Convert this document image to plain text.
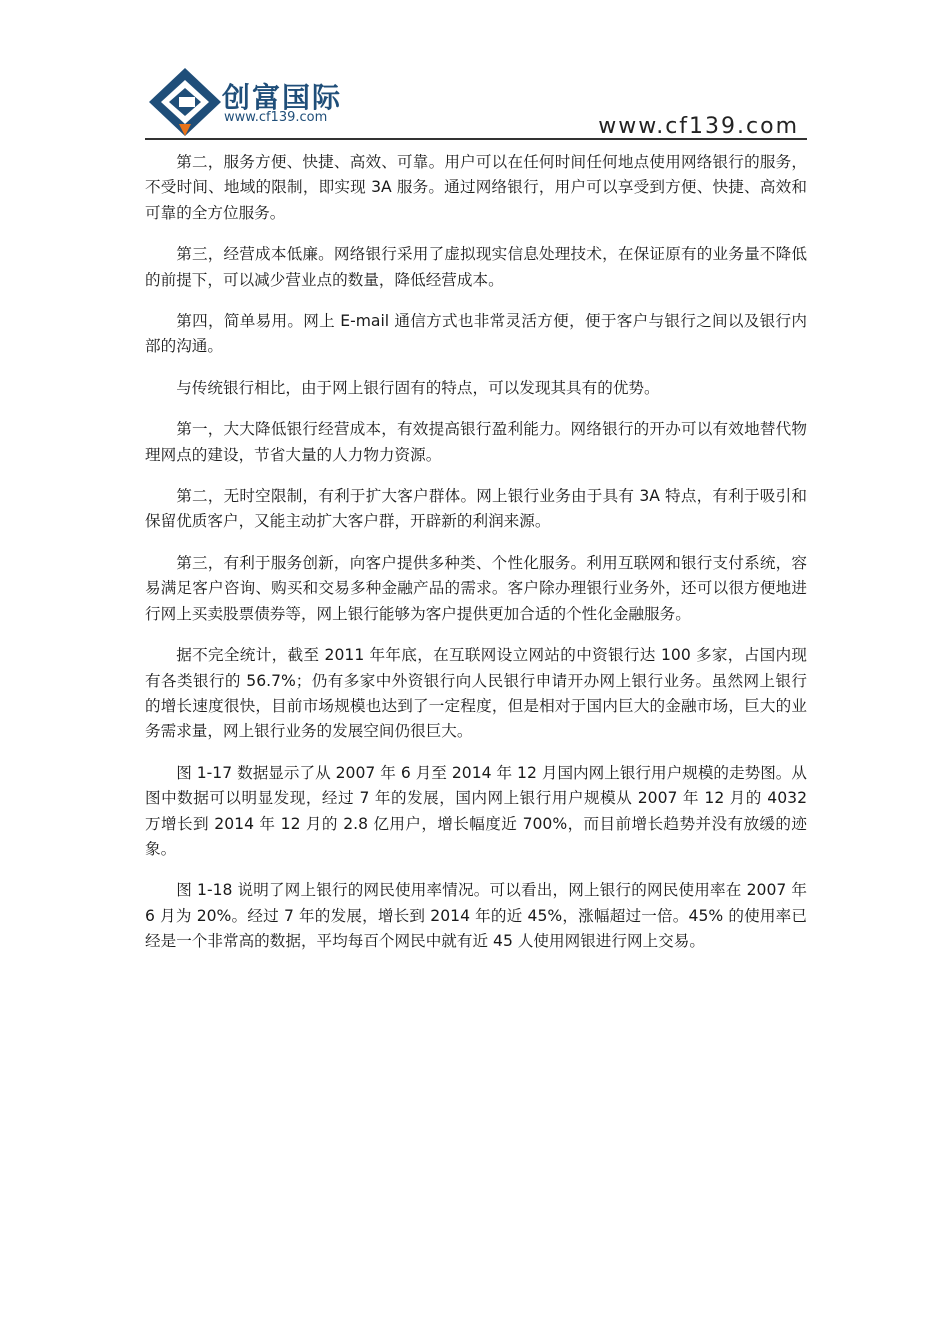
创富国际
www.cf139.com	www.cf139.com

第二，服务方便、快捷、高效、可靠。用户可以在任何时间任何地点使用网络银行的服务，不受时间、地域的限制，即实现 3A 服务。通过网络银行，用户可以享受到方便、快捷、高效和可靠的全方位服务。

第三，经营成本低廉。网络银行采用了虚拟现实信息处理技术，在保证原有的业务量不降低的前提下，可以减少营业点的数量，降低经营成本。

第四，简单易用。网上 E-mail 通信方式也非常灵活方便，便于客户与银行之间以及银行内部的沟通。

与传统银行相比，由于网上银行固有的特点，可以发现其具有的优势。

第一，大大降低银行经营成本，有效提高银行盈利能力。网络银行的开办可以有效地替代物理网点的建设，节省大量的人力物力资源。

第二，无时空限制，有利于扩大客户群体。网上银行业务由于具有 3A 特点，有利于吸引和保留优质客户，又能主动扩大客户群，开辟新的利润来源。

第三，有利于服务创新，向客户提供多种类、个性化服务。利用互联网和银行支付系统，容易满足客户咨询、购买和交易多种金融产品的需求。客户除办理银行业务外，还可以很方便地进行网上买卖股票债券等，网上银行能够为客户提供更加合适的个性化金融服务。

据不完全统计，截至 2011 年年底，在互联网设立网站的中资银行达 100 多家，占国内现有各类银行的 56.7%；仍有多家中外资银行向人民银行申请开办网上银行业务。虽然网上银行的增长速度很快，目前市场规模也达到了一定程度，但是相对于国内巨大的金融市场，巨大的业务需求量，网上银行业务的发展空间仍很巨大。

图 1-17 数据显示了从 2007 年 6 月至 2014 年 12 月国内网上银行用户规模的走势图。从图中数据可以明显发现，经过 7 年的发展，国内网上银行用户规模从 2007 年 12 月的 4032 万增长到 2014 年 12 月的 2.8 亿用户，增长幅度近 700%，而目前增长趋势并没有放缓的迹象。

图 1-18 说明了网上银行的网民使用率情况。可以看出，网上银行的网民使用率在 2007 年 6 月为 20%。经过 7 年的发展，增长到 2014 年的近 45%，涨幅超过一倍。45% 的使用率已经是一个非常高的数据，平均每百个网民中就有近 45 人使用网银进行网上交易。
